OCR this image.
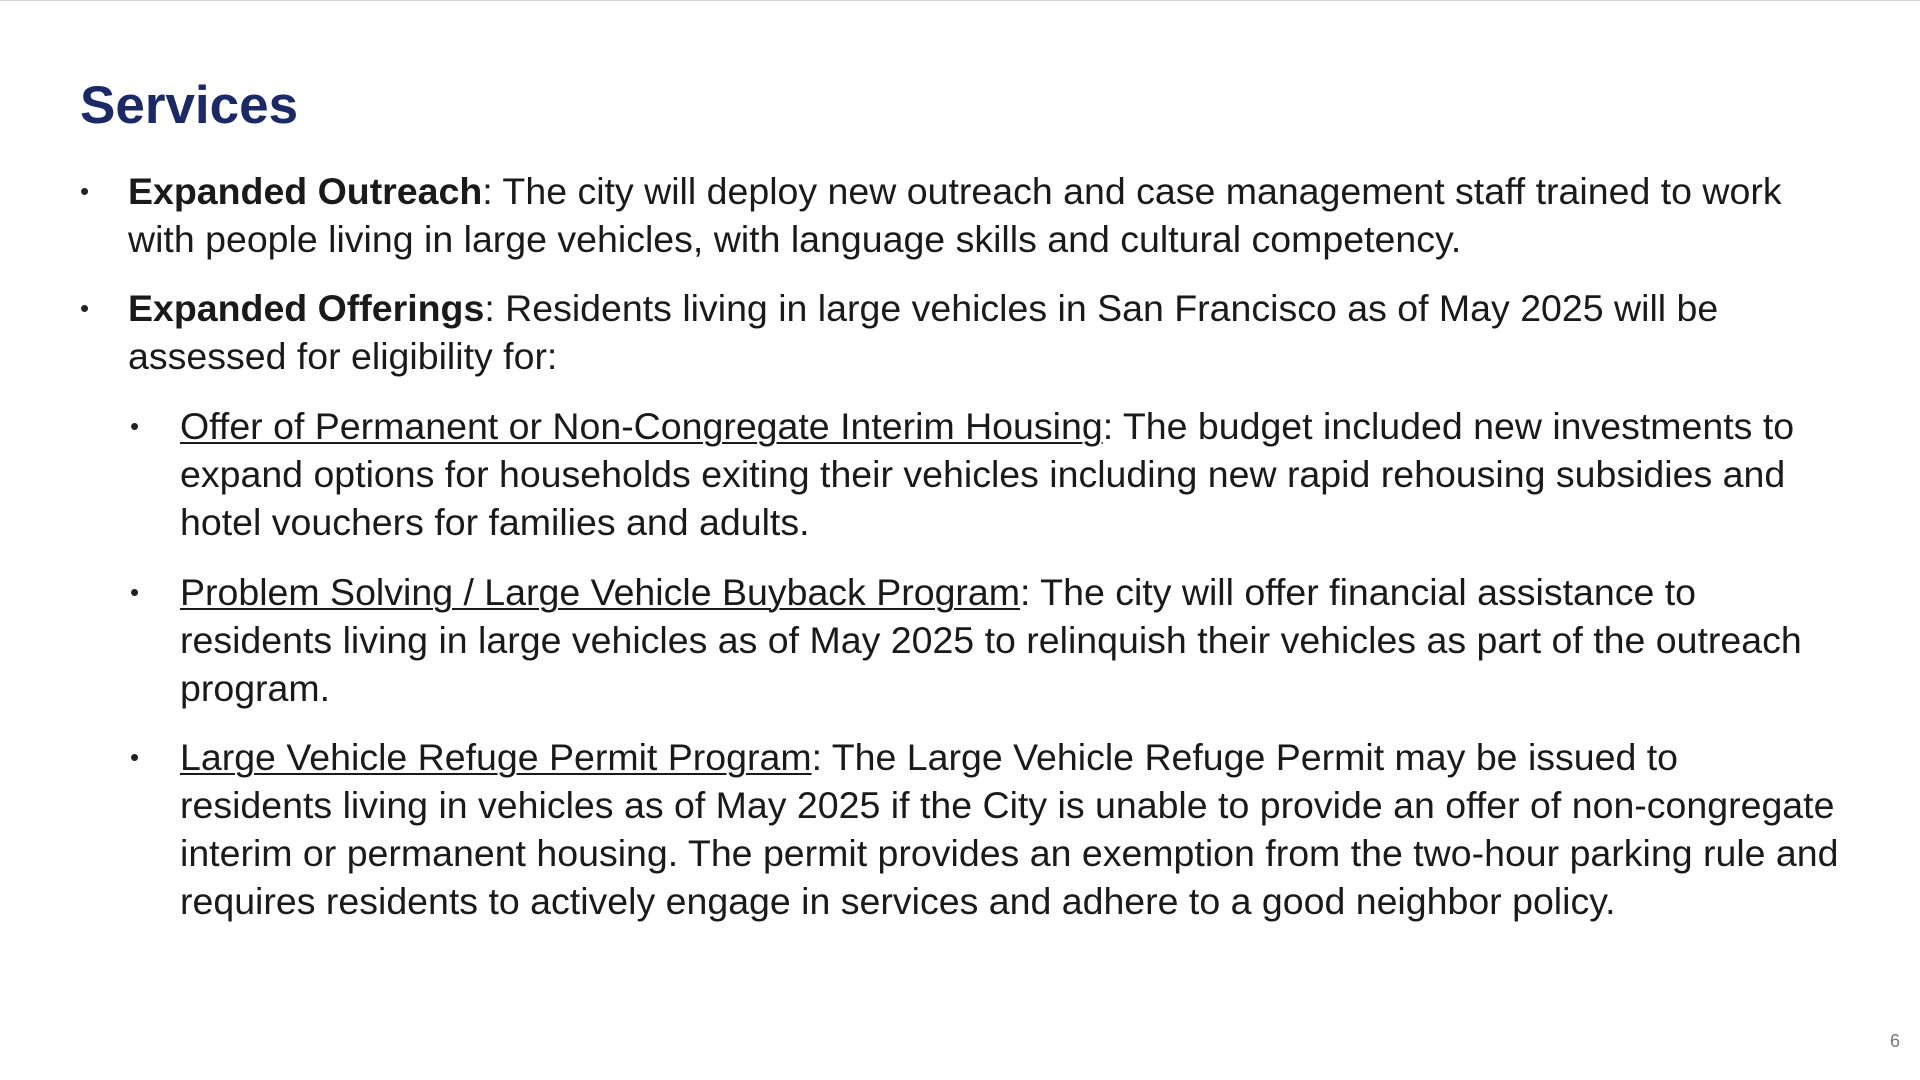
Services
• Expanded Outreach: The city will deploy new outreach and case management staff trained to work with people living in large vehicles, with language skills and cultural competency.
• Expanded Offerings: Residents living in large vehicles in San Francisco as of May 2025 will be assessed for eligibility for:
• Offer of Permanent or Non-Congregate Interim Housing: The budget included new investments to expand options for households exiting their vehicles including new rapid rehousing subsidies and hotel vouchers for families and adults.
• Problem Solving / Large Vehicle Buyback Program: The city will offer financial assistance to residents living in large vehicles as of May 2025 to relinquish their vehicles as part of the outreach program.
• Large Vehicle Refuge Permit Program: The Large Vehicle Refuge Permit may be issued to residents living in vehicles as of May 2025 if the City is unable to provide an offer of non-congregate interim or permanent housing. The permit provides an exemption from the two-hour parking rule and requires residents to actively engage in services and adhere to a good neighbor policy.
6
